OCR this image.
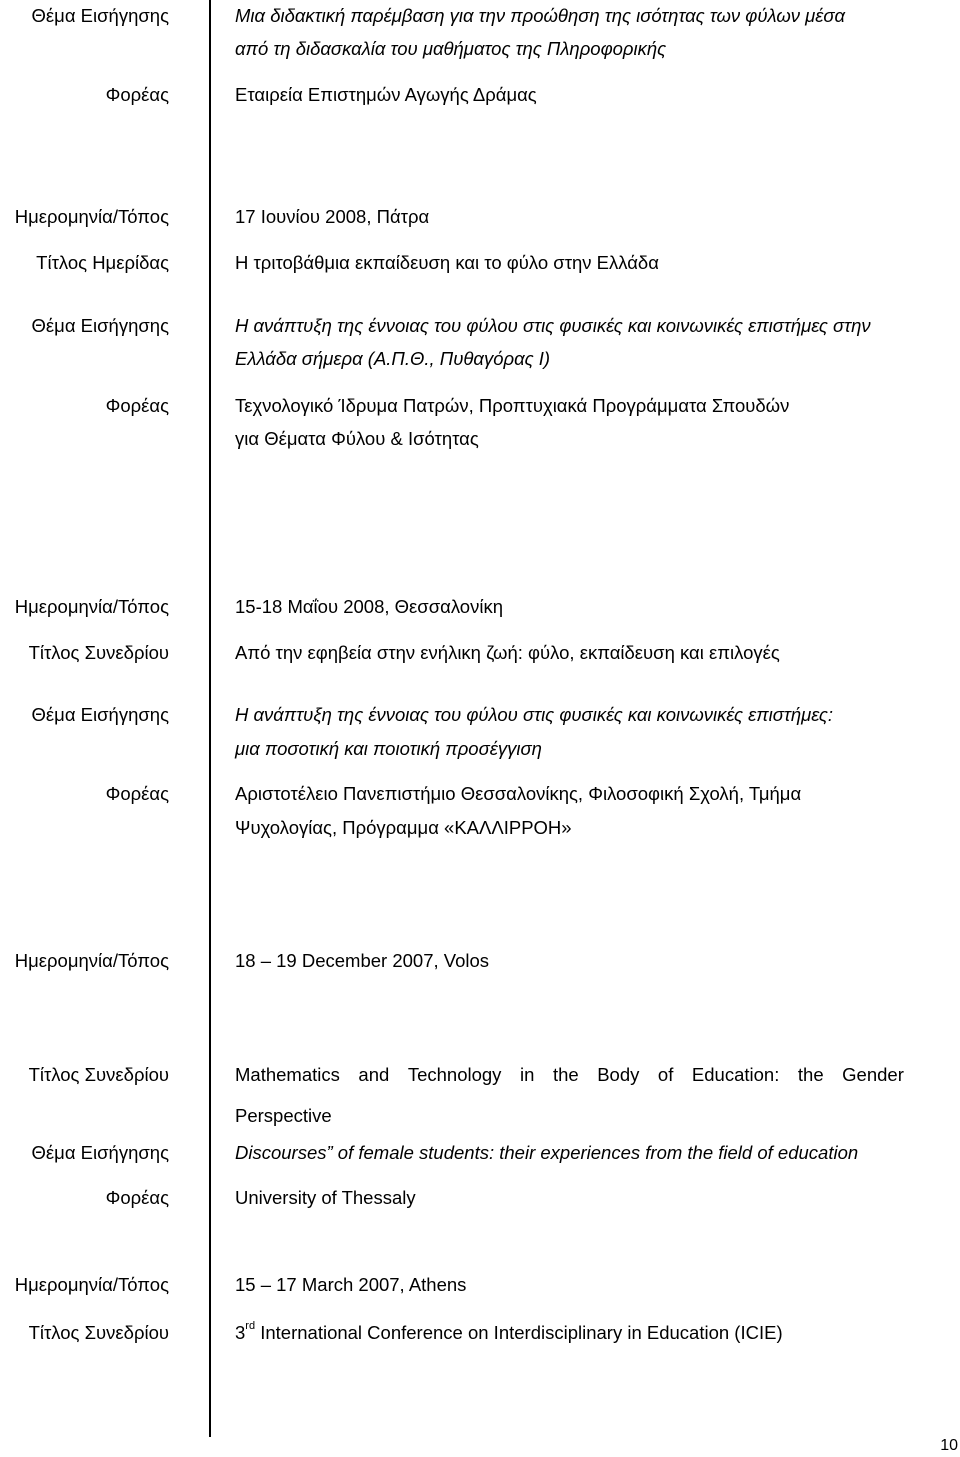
Θέμα Εισήγησης	Μια διδακτική παρέμβαση για την προώθηση της ισότητας των φύλων μέσα
από τη διδασκαλία του μαθήματος της Πληροφορικής
Φορέας	Εταιρεία Επιστημών Αγωγής Δράμας
Ημερομηνία/Τόπος	17 Ιουνίου 2008, Πάτρα
Τίτλος Ημερίδας	Η τριτοβάθμια εκπαίδευση και το φύλο στην Ελλάδα
Θέμα Εισήγησης	Η ανάπτυξη της έννοιας του φύλου στις φυσικές και κοινωνικές επιστήμες στην
Ελλάδα σήμερα (Α.Π.Θ., Πυθαγόρας Ι)
Φορέας	Τεχνολογικό Ίδρυμα Πατρών, Προπτυχιακά Προγράμματα Σπουδών
για Θέματα Φύλου & Ισότητας
Ημερομηνία/Τόπος	15-18 Μαΐου 2008, Θεσσαλονίκη
Τίτλος Συνεδρίου	Από την εφηβεία στην ενήλικη ζωή: φύλο, εκπαίδευση και επιλογές
Θέμα Εισήγησης	Η ανάπτυξη της έννοιας του φύλου στις φυσικές και κοινωνικές επιστήμες:
μια ποσοτική και ποιοτική προσέγγιση
Φορέας	Αριστοτέλειο Πανεπιστήμιο Θεσσαλονίκης, Φιλοσοφική Σχολή, Τμήμα
Ψυχολογίας, Πρόγραμμα «ΚΑΛΛΙΡΡΟΗ»
Ημερομηνία/Τόπος	18 – 19 December 2007, Volos
Τίτλος Συνεδρίου	Mathematics and Technology in the Body of Education: the Gender
Perspective
Θέμα Εισήγησης	Discourses” of female students: their experiences from the field of education
Φορέας	University of Thessaly
Ημερομηνία/Τόπος	15 – 17 March 2007, Athens
Τίτλος Συνεδρίου	3rd International Conference on Interdisciplinary in Education (ICIE)
10
